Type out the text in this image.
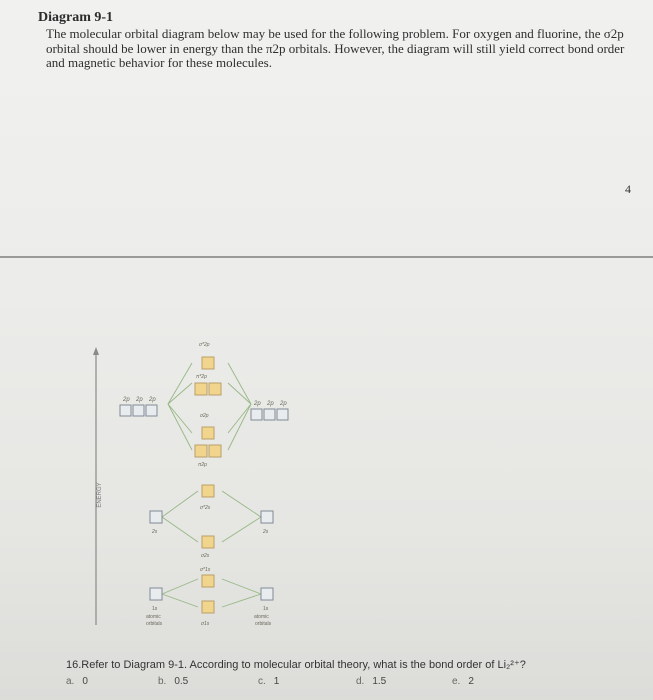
Diagram 9-1
The molecular orbital diagram below may be used for the following problem. For oxygen and fluorine, the σ2p orbital should be lower in energy than the π2p orbitals. However, the diagram will still yield correct bond order and magnetic behavior for these molecules.
4
ENERGY
2p 2p 2p
2p 2p 2p
σ*2p
π*2p
σ2p
π2p
σ*2s
σ2s
σ*1s
σ1s
2s	2s
1s
atomic
orbitals
1s
atomic
orbitals
16.Refer to Diagram 9-1. According to molecular orbital theory, what is the bond order of Li₂²⁺?
a. 0	b. 0.5	c. 1	d. 1.5	e. 2
